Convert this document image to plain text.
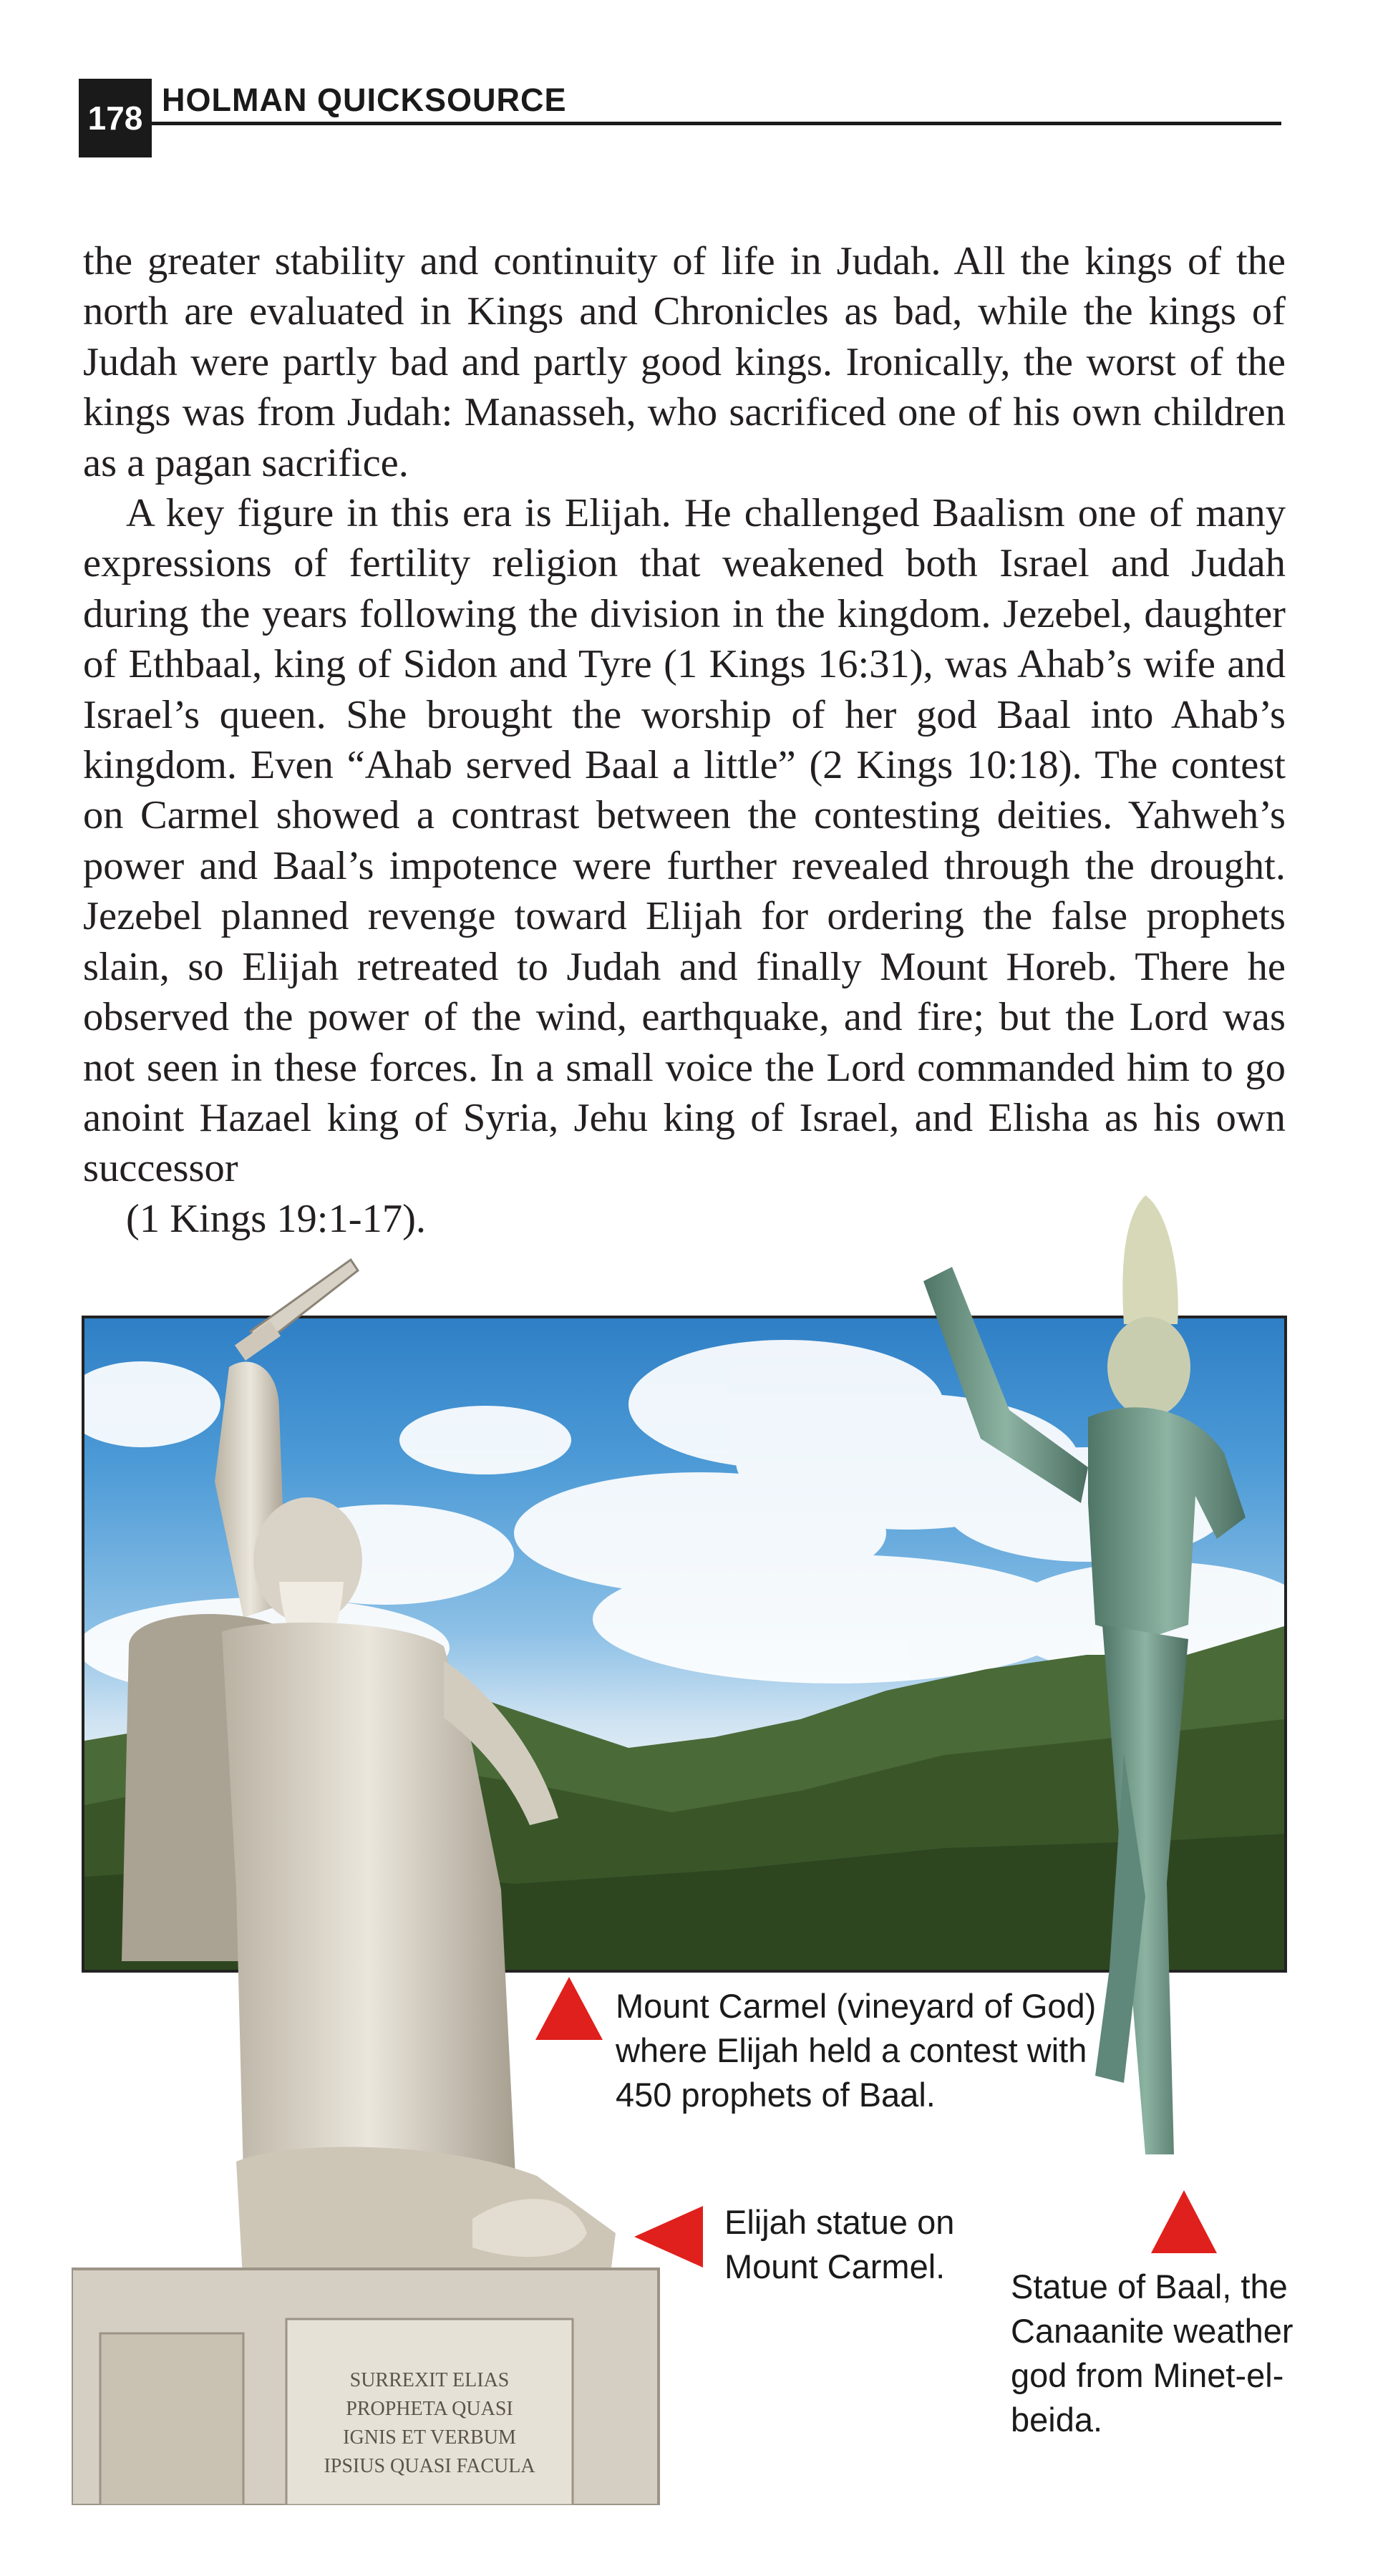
178 HOLMAN QUICKSOURCE

the greater stability and continuity of life in Judah. All the kings of the north are evaluated in Kings and Chronicles as bad, while the kings of Judah were partly bad and partly good kings. Ironically, the worst of the kings was from Judah: Manasseh, who sacrificed one of his own children as a pagan sacrifice.

A key figure in this era is Elijah. He challenged Baalism one of many expressions of fertility religion that weakened both Israel and Judah during the years following the division in the kingdom. Jezebel, daughter of Ethbaal, king of Sidon and Tyre (1 Kings 16:31), was Ahab’s wife and Israel’s queen. She brought the worship of her god Baal into Ahab’s kingdom. Even “Ahab served Baal a little” (2 Kings 10:18). The contest on Carmel showed a contrast between the contesting deities. Yahweh’s power and Baal’s impotence were further revealed through the drought. Jezebel planned revenge toward Elijah for ordering the false prophets slain, so Elijah retreated to Judah and finally Mount Horeb. There he observed the power of the wind, earthquake, and fire; but the Lord was not seen in these forces. In a small voice the Lord commanded him to go anoint Hazael king of Syria, Jehu king of Israel, and Elisha as his own successor
(1 Kings 19:1-17).

SURREXIT ELIAS
PROPHETA QUASI
IGNIS ET VERBUM
IPSIUS QUASI FACULA
Mount Carmel (vineyard of God) where Elijah held a contest with 450 prophets of Baal.
Elijah statue on Mount Carmel.
Statue of Baal, the Canaanite weather god from Minet-el-beida.
